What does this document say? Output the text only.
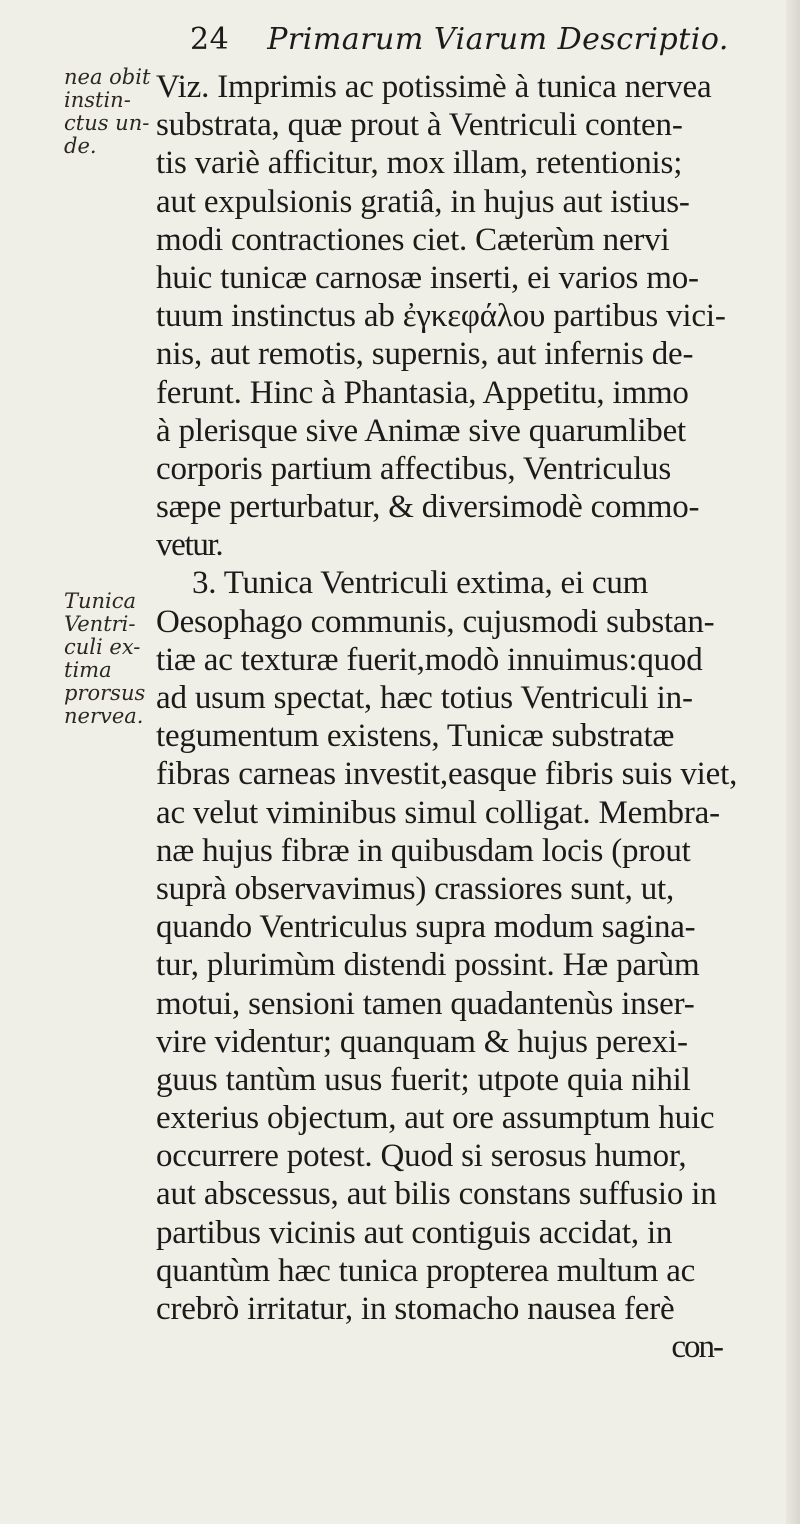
24 Primarum Viarum Descriptio.
nea obit
instin-
ctus un-
de.
Tunica
Ventri-
culi ex-
tima
prorsus
nervea.
Viz. Imprimis ac potissimè à tunica nervea
substrata, quæ prout à Ventriculi conten-
tis variè afficitur, mox illam, retentionis;
aut expulsionis gratiâ, in hujus aut istius-
modi contractiones ciet. Cæterùm nervi
huic tunicæ carnosæ inserti, ei varios mo-
tuum instinctus ab ἐγκεφάλου partibus vici-
nis, aut remotis, supernis, aut infernis de-
ferunt. Hinc à Phantasia, Appetitu, immo
à plerisque sive Animæ sive quarumlibet
corporis partium affectibus, Ventriculus
sæpe perturbatur, & diversimodè commo-
vetur.
3. Tunica Ventriculi extima, ei cum
Oesophago communis, cujusmodi substan-
tiæ ac texturæ fuerit,modò innuimus:quod
ad usum spectat, hæc totius Ventriculi in-
tegumentum existens, Tunicæ substratæ
fibras carneas investit,easque fibris suis viet,
ac velut viminibus simul colligat. Membra-
næ hujus fibræ in quibusdam locis (prout
suprà observavimus) crassiores sunt, ut,
quando Ventriculus supra modum sagina-
tur, plurimùm distendi possint. Hæ parùm
motui, sensioni tamen quadantenùs inser-
vire videntur; quanquam & hujus perexi-
guus tantùm usus fuerit; utpote quia nihil
exterius objectum, aut ore assumptum huic
occurrere potest. Quod si serosus humor,
aut abscessus, aut bilis constans suffusio in
partibus vicinis aut contiguis accidat, in
quantùm hæc tunica propterea multum ac
crebrò irritatur, in stomacho nausea ferè
con-
